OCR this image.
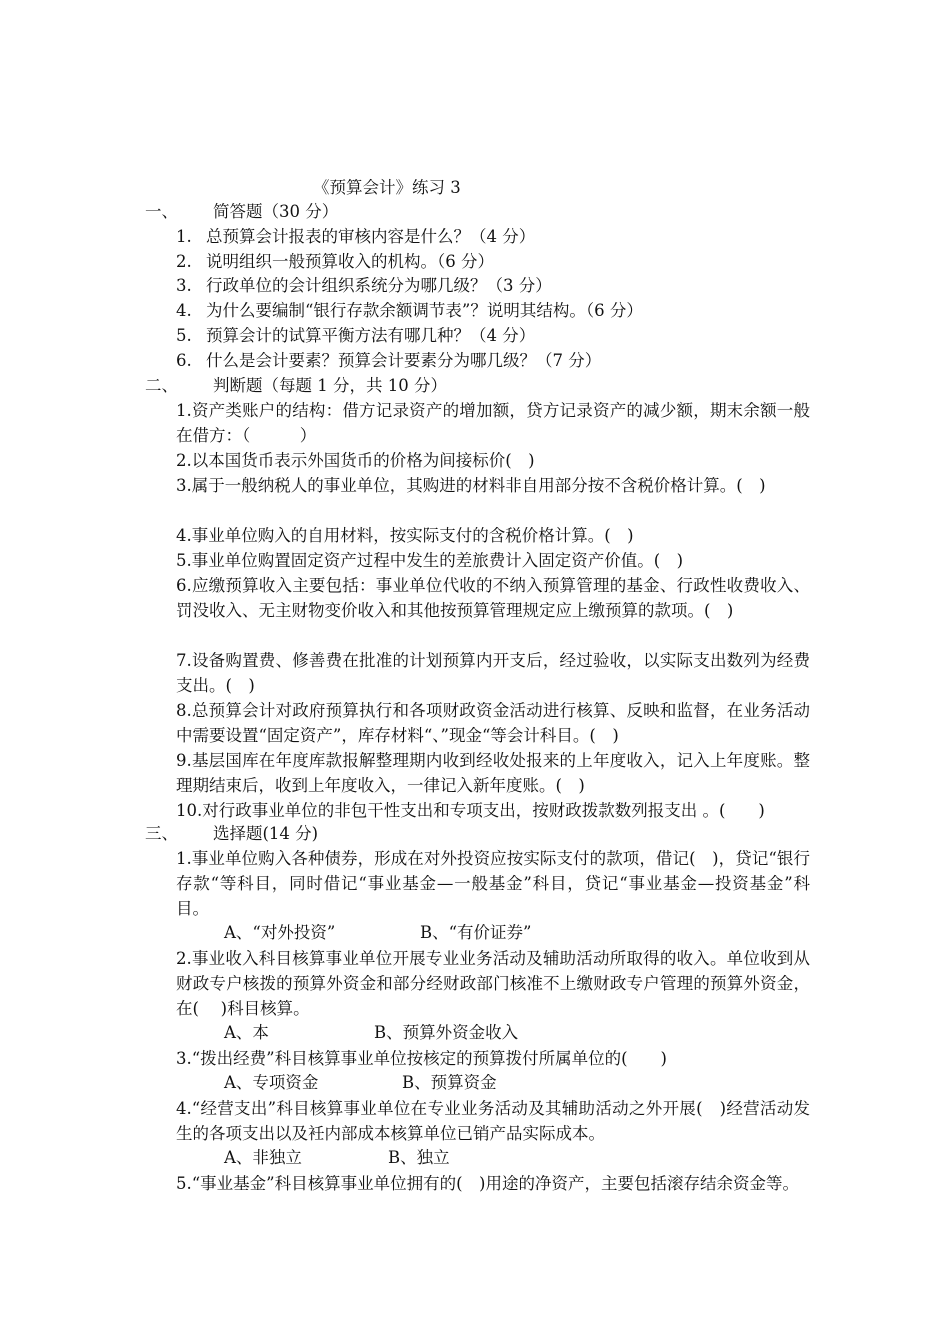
《预算会计》练习 3
一、 简答题（30 分）
1. 总预算会计报表的审核内容是什么？（4 分）
2. 说明组织一般预算收入的机构。（6 分）
3. 行政单位的会计组织系统分为哪几级？（3 分）
4. 为什么要编制“银行存款余额调节表”？说明其结构。（6 分）
5. 预算会计的试算平衡方法有哪几种？（4 分）
6. 什么是会计要素？预算会计要素分为哪几级？（7 分）
二、 判断题（每题 1 分，共 10 分）
1.资产类账户的结构：借方记录资产的增加额，贷方记录资产的减少额，期末余额一般在借方：（　　　）
2.以本国货币表示外国货币的价格为间接标价(　)
3.属于一般纳税人的事业单位，其购进的材料非自用部分按不含税价格计算。(　)
4.事业单位购入的自用材料，按实际支付的含税价格计算。(　)
5.事业单位购置固定资产过程中发生的差旅费计入固定资产价值。(　)
6.应缴预算收入主要包括：事业单位代收的不纳入预算管理的基金、行政性收费收入、罚没收入、无主财物变价收入和其他按预算管理规定应上缴预算的款项。(　)
7.设备购置费、修善费在批准的计划预算内开支后，经过验收，以实际支出数列为经费支出。(　)
8.总预算会计对政府预算执行和各项财政资金活动进行核算、反映和监督，在业务活动中需要设置“固定资产”，库存材料“、”现金“等会计科目。(　)
9.基层国库在年度库款报解整理期内收到经收处报来的上年度收入，记入上年度账。整理期结束后，收到上年度收入，一律记入新年度账。(　)
10.对行政事业单位的非包干性支出和专项支出，按财政拨款数列报支出 。(　　)
三、 选择题(14 分)
1.事业单位购入各种债券，形成在对外投资应按实际支付的款项，借记(　)，贷记“银行存款“等科目，同时借记“事业基金—一般基金”科目，贷记“事业基金—投资基金”科目。
A、“对外投资”	B、“有价证券”
2.事业收入科目核算事业单位开展专业业务活动及辅助活动所取得的收入。单位收到从财政专户核拨的预算外资金和部分经财政部门核准不上缴财政专户管理的预算外资金，在(　 )科目核算。
A、本	B、预算外资金收入
3.“拨出经费”科目核算事业单位按核定的预算拨付所属单位的(　　)
A、专项资金	B、预算资金
4.“经营支出”科目核算事业单位在专业业务活动及其辅助活动之外开展(　)经营活动发生的各项支出以及衽内部成本核算单位已销产品实际成本。
A、非独立	B、独立
5.“事业基金”科目核算事业单位拥有的(　)用途的净资产，主要包括滚存结余资金等。
